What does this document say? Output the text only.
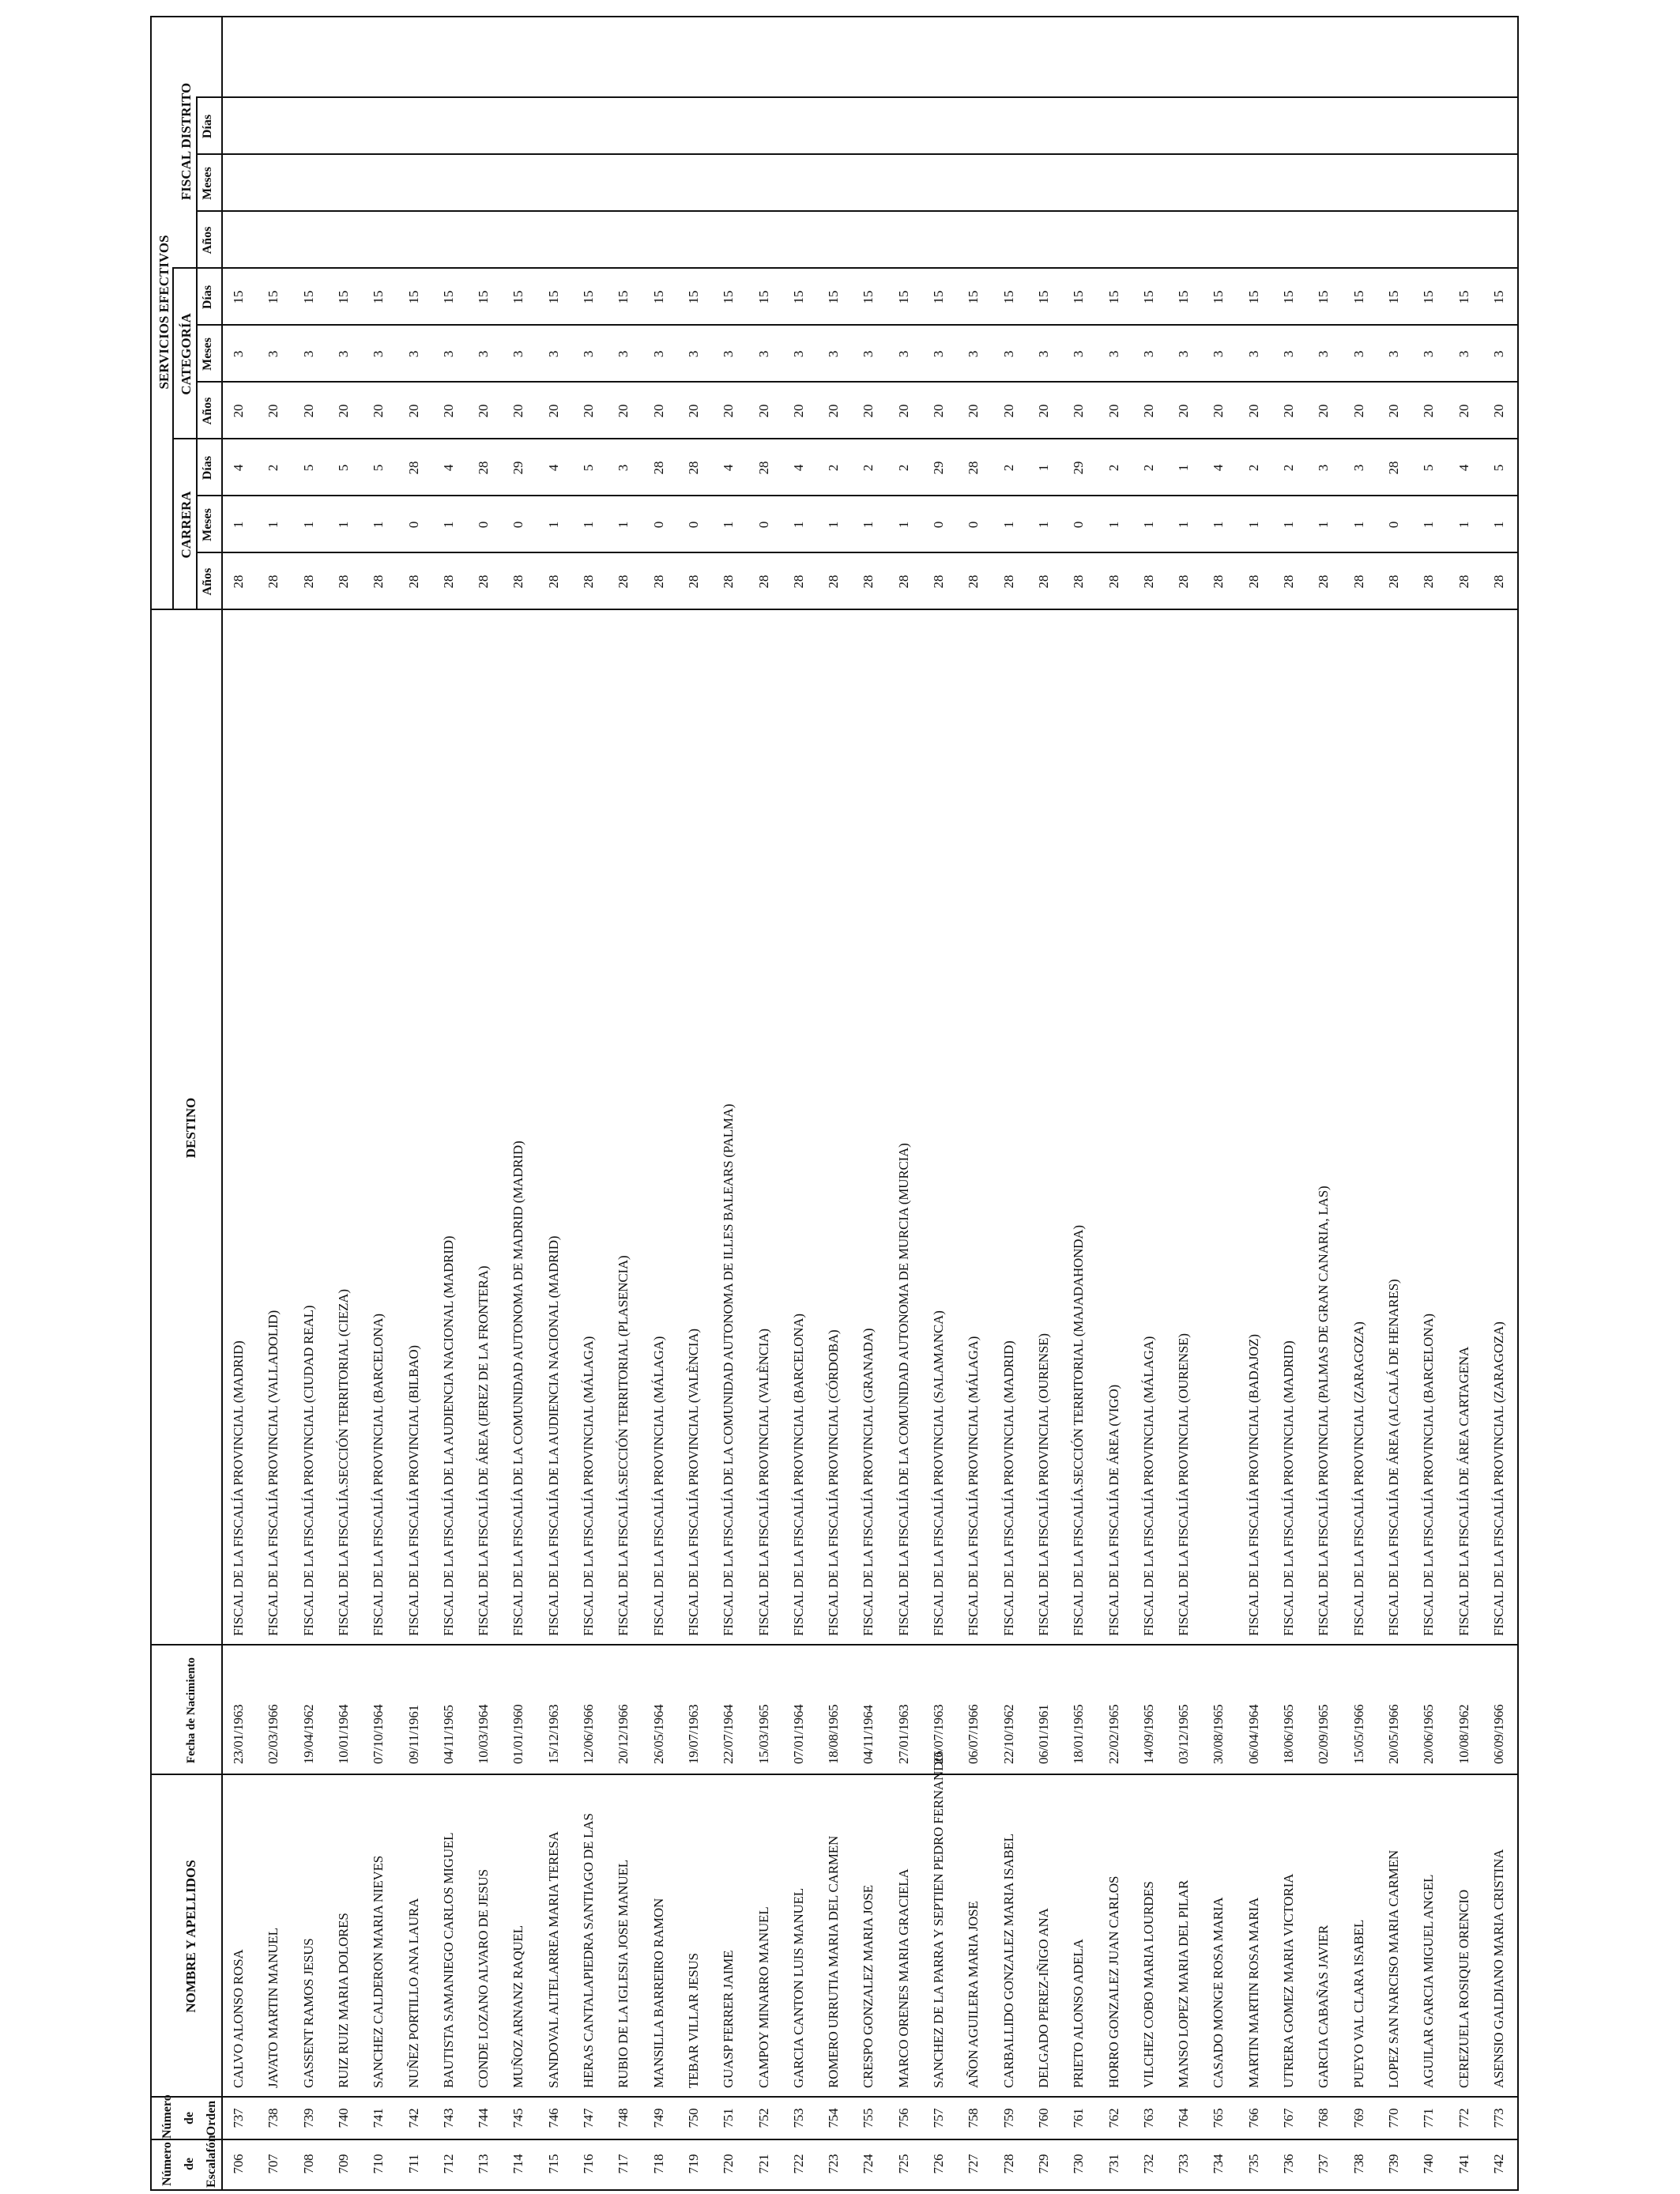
Número de Escalafón
Número de Orden
NOMBRE Y APELLIDOS
Fecha de Nacimiento
DESTINO
SERVICIOS EFECTIVOS
CARRERA
CATEGORÍA
FISCAL DISTRITO
Años
Meses
Días
Años
Meses
Días
Años
Meses
Días
706
737
CALVO ALONSO ROSA
23/01/1963
FISCAL DE LA FISCALÍA PROVINCIAL (MADRID)
28
1
4
20
3
15
707
738
JAVATO MARTIN MANUEL
02/03/1966
FISCAL DE LA FISCALÍA PROVINCIAL (VALLADOLID)
28
1
2
20
3
15
708
739
GASSENT RAMOS JESUS
19/04/1962
FISCAL DE LA FISCALÍA PROVINCIAL (CIUDAD REAL)
28
1
5
20
3
15
709
740
RUIZ RUIZ MARIA DOLORES
10/01/1964
FISCAL DE LA FISCALÍA.SECCIÓN TERRITORIAL (CIEZA)
28
1
5
20
3
15
710
741
SANCHEZ CALDERON MARIA NIEVES
07/10/1964
FISCAL DE LA FISCALÍA PROVINCIAL (BARCELONA)
28
1
5
20
3
15
711
742
NUÑEZ PORTILLO ANA LAURA
09/11/1961
FISCAL DE LA FISCALÍA PROVINCIAL (BILBAO)
28
0
28
20
3
15
712
743
BAUTISTA SAMANIEGO CARLOS MIGUEL
04/11/1965
FISCAL DE LA FISCALÍA DE LA AUDIENCIA NACIONAL (MADRID)
28
1
4
20
3
15
713
744
CONDE LOZANO ALVARO DE JESUS
10/03/1964
FISCAL DE LA FISCALÍA DE ÁREA (JEREZ DE LA FRONTERA)
28
0
28
20
3
15
714
745
MUÑOZ ARNANZ RAQUEL
01/01/1960
FISCAL DE LA FISCALÍA DE LA COMUNIDAD AUTONOMA DE MADRID (MADRID)
28
0
29
20
3
15
715
746
SANDOVAL ALTELARREA MARIA TERESA
15/12/1963
FISCAL DE LA FISCALÍA DE LA AUDIENCIA NACIONAL (MADRID)
28
1
4
20
3
15
716
747
HERAS CANTALAPIEDRA SANTIAGO DE LAS
12/06/1966
FISCAL DE LA FISCALÍA PROVINCIAL (MÁLAGA)
28
1
5
20
3
15
717
748
RUBIO DE LA IGLESIA JOSE MANUEL
20/12/1966
FISCAL DE LA FISCALÍA.SECCIÓN TERRITORIAL (PLASENCIA)
28
1
3
20
3
15
718
749
MANSILLA BARREIRO RAMON
26/05/1964
FISCAL DE LA FISCALÍA PROVINCIAL (MÁLAGA)
28
0
28
20
3
15
719
750
TEBAR VILLAR JESUS
19/07/1963
FISCAL DE LA FISCALÍA PROVINCIAL (VALÈNCIA)
28
0
28
20
3
15
720
751
GUASP FERRER JAIME
22/07/1964
FISCAL DE LA FISCALÍA DE LA COMUNIDAD AUTONOMA DE ILLES BALEARS (PALMA)
28
1
4
20
3
15
721
752
CAMPOY MINARRO MANUEL
15/03/1965
FISCAL DE LA FISCALÍA PROVINCIAL (VALÈNCIA)
28
0
28
20
3
15
722
753
GARCIA CANTON LUIS MANUEL
07/01/1964
FISCAL DE LA FISCALÍA PROVINCIAL (BARCELONA)
28
1
4
20
3
15
723
754
ROMERO URRUTIA MARIA DEL CARMEN
18/08/1965
FISCAL DE LA FISCALÍA PROVINCIAL (CÓRDOBA)
28
1
2
20
3
15
724
755
CRESPO GONZALEZ MARIA JOSE
04/11/1964
FISCAL DE LA FISCALÍA PROVINCIAL (GRANADA)
28
1
2
20
3
15
725
756
MARCO ORENES MARIA GRACIELA
27/01/1963
FISCAL DE LA FISCALÍA DE LA COMUNIDAD AUTONOMA DE MURCIA (MURCIA)
28
1
2
20
3
15
726
757
SANCHEZ DE LA PARRA Y SEPTIEN PEDRO FERNANDO
26/07/1963
FISCAL DE LA FISCALÍA PROVINCIAL (SALAMANCA)
28
0
29
20
3
15
727
758
AÑON AGUILERA MARIA JOSE
06/07/1966
FISCAL DE LA FISCALÍA PROVINCIAL (MÁLAGA)
28
0
28
20
3
15
728
759
CARBALLIDO GONZALEZ MARIA ISABEL
22/10/1962
FISCAL DE LA FISCALÍA PROVINCIAL (MADRID)
28
1
2
20
3
15
729
760
DELGADO PEREZ-IÑIGO ANA
06/01/1961
FISCAL DE LA FISCALÍA PROVINCIAL (OURENSE)
28
1
1
20
3
15
730
761
PRIETO ALONSO ADELA
18/01/1965
FISCAL DE LA FISCALÍA.SECCIÓN TERRITORIAL (MAJADAHONDA)
28
0
29
20
3
15
731
762
HORRO GONZALEZ JUAN CARLOS
22/02/1965
FISCAL DE LA FISCALÍA DE ÁREA (VIGO)
28
1
2
20
3
15
732
763
VILCHEZ COBO MARIA LOURDES
14/09/1965
FISCAL DE LA FISCALÍA PROVINCIAL (MÁLAGA)
28
1
2
20
3
15
733
764
MANSO LOPEZ MARIA DEL PILAR
03/12/1965
FISCAL DE LA FISCALÍA PROVINCIAL (OURENSE)
28
1
1
20
3
15
734
765
CASADO MONGE ROSA MARIA
30/08/1965
28
1
4
20
3
15
735
766
MARTIN MARTIN ROSA MARIA
06/04/1964
FISCAL DE LA FISCALÍA PROVINCIAL (BADAJOZ)
28
1
2
20
3
15
736
767
UTRERA GOMEZ MARIA VICTORIA
18/06/1965
FISCAL DE LA FISCALÍA PROVINCIAL (MADRID)
28
1
2
20
3
15
737
768
GARCIA CABAÑAS JAVIER
02/09/1965
FISCAL DE LA FISCALÍA PROVINCIAL (PALMAS DE GRAN CANARIA, LAS)
28
1
3
20
3
15
738
769
PUEYO VAL CLARA ISABEL
15/05/1966
FISCAL DE LA FISCALÍA PROVINCIAL (ZARAGOZA)
28
1
3
20
3
15
739
770
LOPEZ SAN NARCISO MARIA CARMEN
20/05/1966
FISCAL DE LA FISCALÍA DE ÁREA (ALCALÁ DE HENARES)
28
0
28
20
3
15
740
771
AGUILAR GARCIA MIGUEL ANGEL
20/06/1965
FISCAL DE LA FISCALÍA PROVINCIAL (BARCELONA)
28
1
5
20
3
15
741
772
CEREZUELA ROSIQUE ORENCIO
10/08/1962
FISCAL DE LA FISCALÍA DE ÁREA CARTAGENA
28
1
4
20
3
15
742
773
ASENSIO GALDIANO MARIA CRISTINA
06/09/1966
FISCAL DE LA FISCALÍA PROVINCIAL (ZARAGOZA)
28
1
5
20
3
15
